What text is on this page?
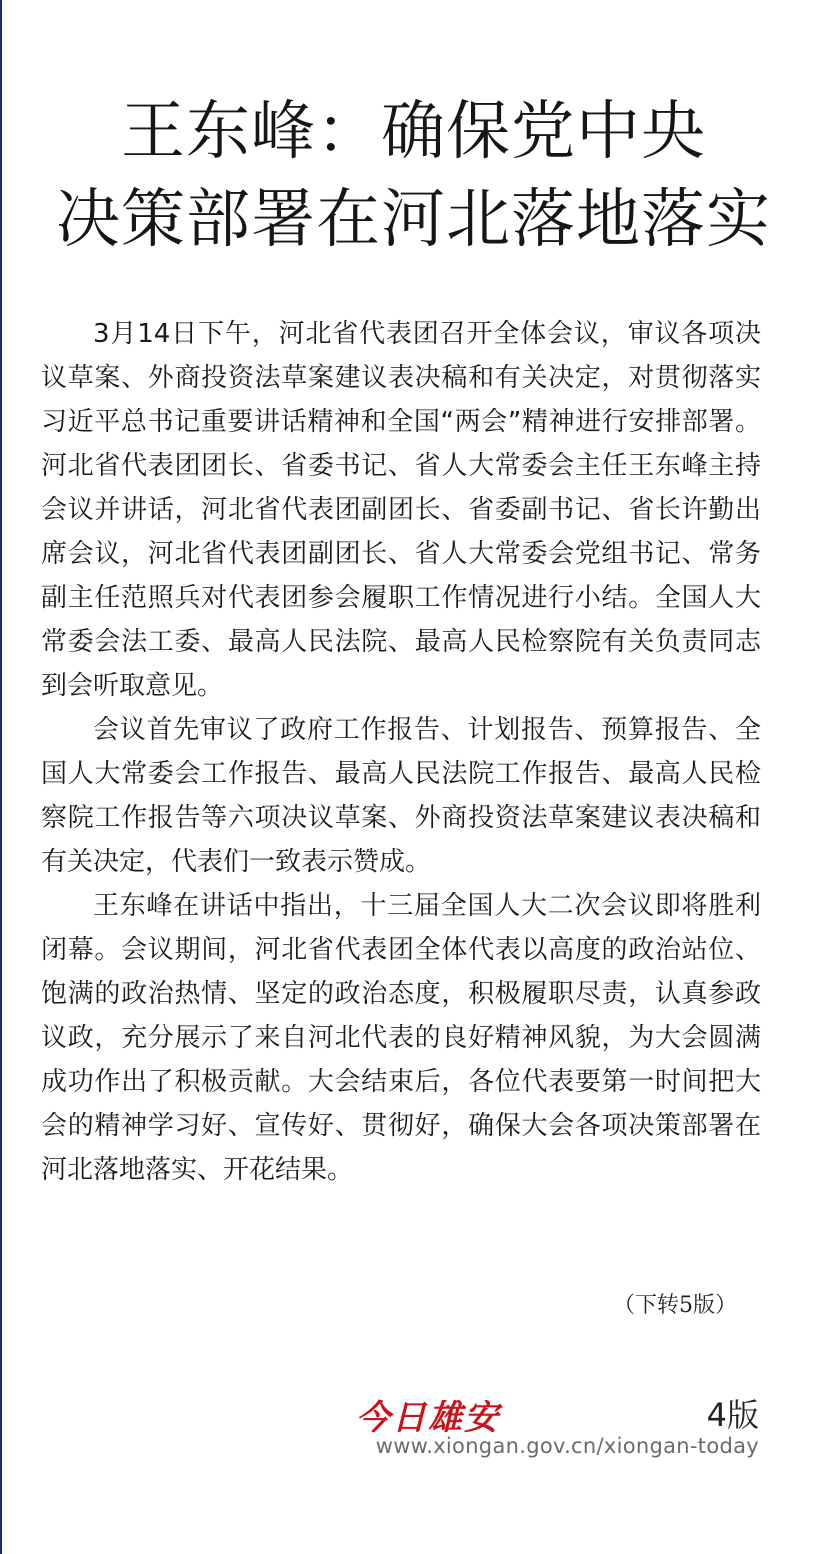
王东峰：确保党中央
决策部署在河北落地落实

3月14日下午，河北省代表团召开全体会议，审议各项决议草案、外商投资法草案建议表决稿和有关决定，对贯彻落实习近平总书记重要讲话精神和全国“两会”精神进行安排部署。河北省代表团团长、省委书记、省人大常委会主任王东峰主持会议并讲话，河北省代表团副团长、省委副书记、省长许勤出席会议，河北省代表团副团长、省人大常委会党组书记、常务副主任范照兵对代表团参会履职工作情况进行小结。全国人大常委会法工委、最高人民法院、最高人民检察院有关负责同志到会听取意见。

会议首先审议了政府工作报告、计划报告、预算报告、全国人大常委会工作报告、最高人民法院工作报告、最高人民检察院工作报告等六项决议草案、外商投资法草案建议表决稿和有关决定，代表们一致表示赞成。

王东峰在讲话中指出，十三届全国人大二次会议即将胜利闭幕。会议期间，河北省代表团全体代表以高度的政治站位、饱满的政治热情、坚定的政治态度，积极履职尽责，认真参政议政，充分展示了来自河北代表的良好精神风貌，为大会圆满成功作出了积极贡献。大会结束后，各位代表要第一时间把大会的精神学习好、宣传好、贯彻好，确保大会各项决策部署在河北落地落实、开花结果。

（下转5版）
今日雄安	4版
www.xiongan.gov.cn/xiongan-today
